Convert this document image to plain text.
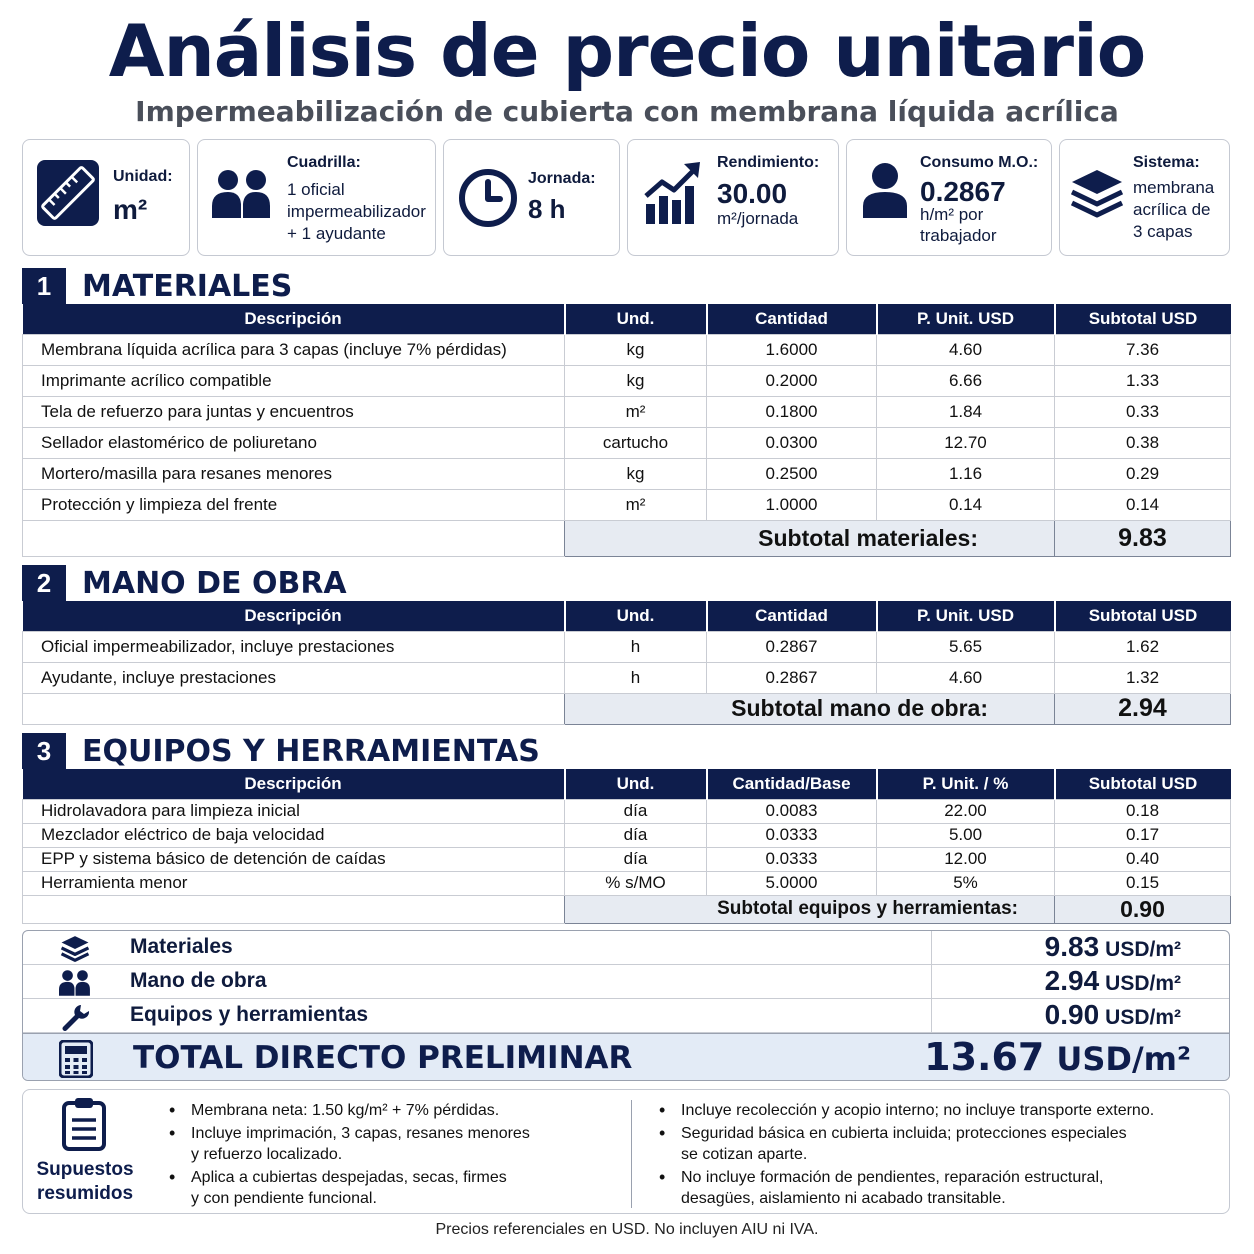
Análisis de precio unitario
Impermeabilización de cubierta con membrana líquida acrílica
Unidad:
m²
Cuadrilla:
1 oficial
impermeabilizador
+ 1 ayudante
Jornada:
8 h
Rendimiento:
30.00
m²/jornada
Consumo M.O.:
0.2867
h/m² por
trabajador
Sistema:
membrana
acrílica de
3 capas
1	MATERIALES
Descripción	Und.	Cantidad	P. Unit. USD	Subtotal USD
Membrana líquida acrílica para 3 capas (incluye 7% pérdidas)	kg	1.6000	4.60	7.36
Imprimante acrílico compatible	kg	0.2000	6.66	1.33
Tela de refuerzo para juntas y encuentros	m²	0.1800	1.84	0.33
Sellador elastomérico de poliuretano	cartucho	0.0300	12.70	0.38
Mortero/masilla para resanes menores	kg	0.2500	1.16	0.29
Protección y limpieza del frente	m²	1.0000	0.14	0.14
	Subtotal materiales:			9.83
2	MANO DE OBRA
Descripción	Und.	Cantidad	P. Unit. USD	Subtotal USD
Oficial impermeabilizador, incluye prestaciones	h	0.2867	5.65	1.62
Ayudante, incluye prestaciones	h	0.2867	4.60	1.32
	Subtotal mano de obra:			2.94
3	EQUIPOS Y HERRAMIENTAS
Descripción	Und.	Cantidad/Base	P. Unit. / %	Subtotal USD
Hidrolavadora para limpieza inicial	día	0.0083	22.00	0.18
Mezclador eléctrico de baja velocidad	día	0.0333	5.00	0.17
EPP y sistema básico de detención de caídas	día	0.0333	12.00	0.40
Herramienta menor	% s/MO	5.0000	5%	0.15
	Subtotal equipos y herramientas:			0.90
Materiales	9.83 USD/m²
Mano de obra	2.94 USD/m²
Equipos y herramientas	0.90 USD/m²
TOTAL DIRECTO PRELIMINAR	13.67 USD/m²
Supuestos
resumidos
• Membrana neta: 1.50 kg/m² + 7% pérdidas.
• Incluye imprimación, 3 capas, resanes menores
y refuerzo localizado.
• Aplica a cubiertas despejadas, secas, firmes
y con pendiente funcional.
• Incluye recolección y acopio interno; no incluye transporte externo.
• Seguridad básica en cubierta incluida; protecciones especiales
se cotizan aparte.
• No incluye formación de pendientes, reparación estructural,
desagües, aislamiento ni acabado transitable.
Precios referenciales en USD. No incluyen AIU ni IVA.
